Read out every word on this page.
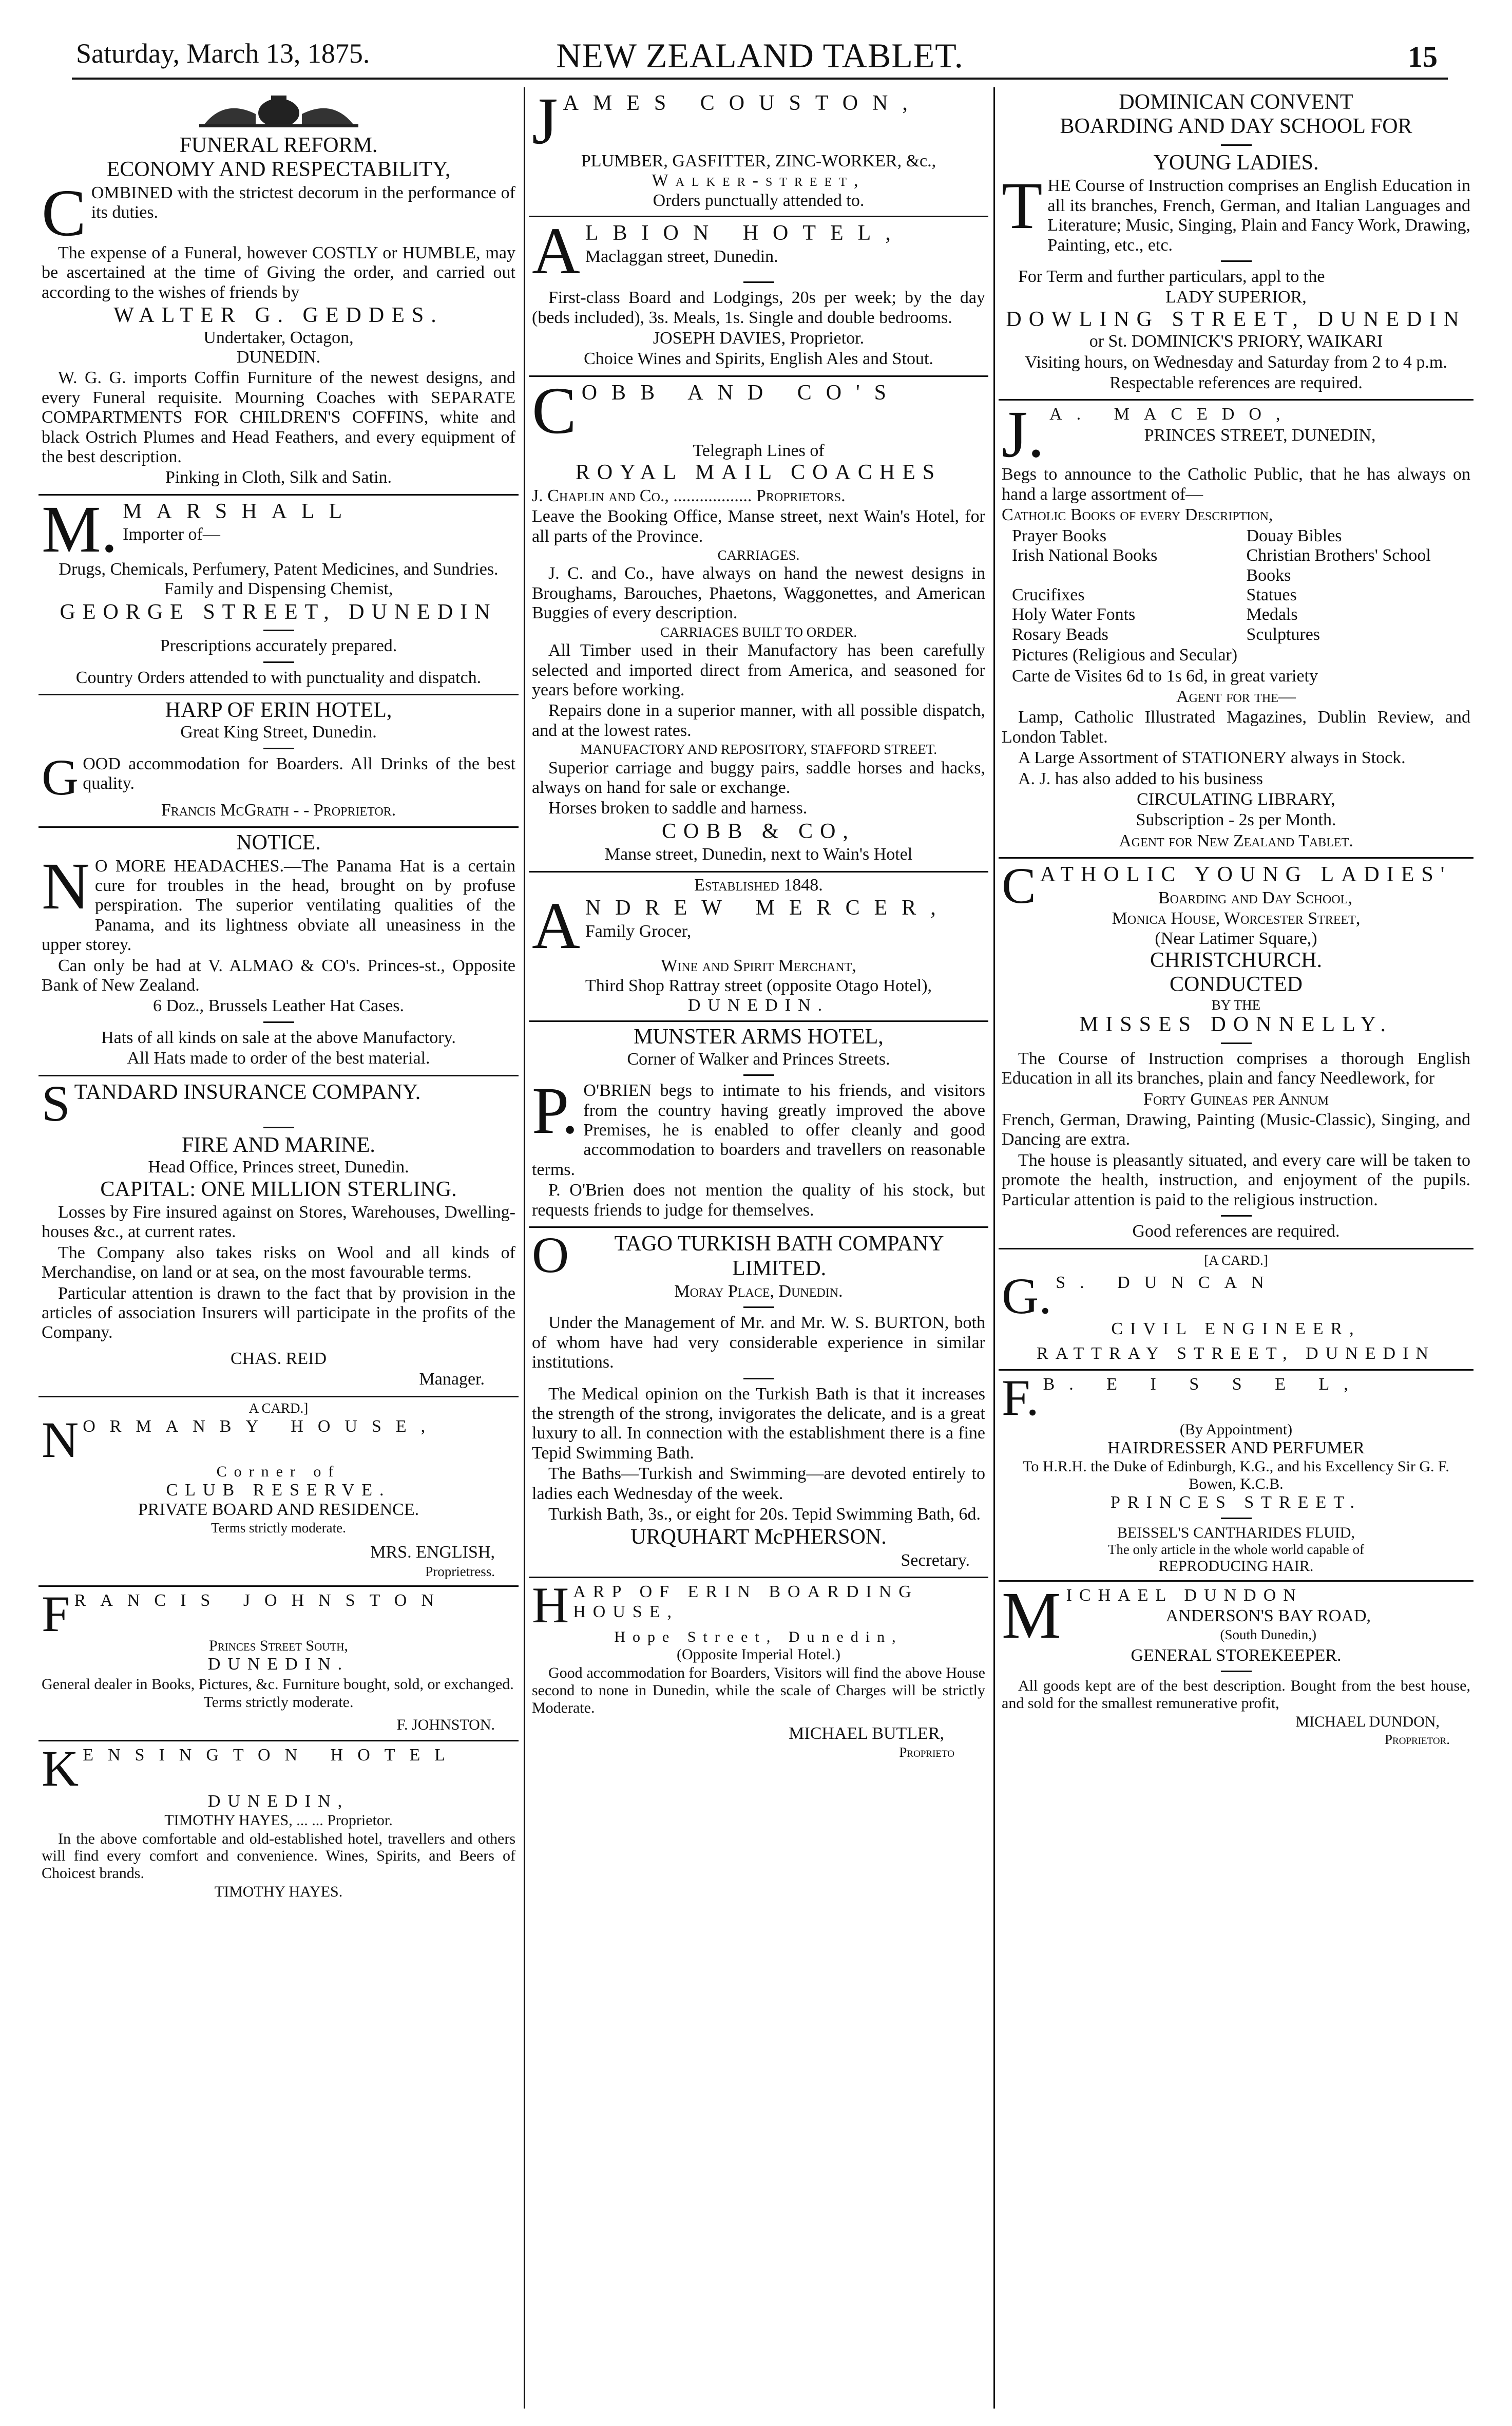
Saturday, March 13, 1875.	NEW ZEALAND TABLET.	15
FUNERAL REFORM.
ECONOMY AND RESPECTABILITY,

COMBINED with the strictest decorum in the performance of its duties.

The expense of a Funeral, however COSTLY or HUMBLE, may be ascertained at the time of Giving the order, and carried out according to the wishes of friends by

WALTER G. GEDDES.
Undertaker, Octagon,
DUNEDIN.

W. G. G. imports Coffin Furniture of the newest designs, and every Funeral requisite. Mourning Coaches with SEPARATE COMPARTMENTS FOR CHILDREN'S COFFINS, white and black Ostrich Plumes and Head Feathers, and every equipment of the best description.

Pinking in Cloth, Silk and Satin.

M. MARSHALL

Importer of—

Drugs, Chemicals, Perfumery, Patent Medicines, and Sundries. Family and Dispensing Chemist,

GEORGE STREET, DUNEDIN

Prescriptions accurately prepared.

Country Orders attended to with punctuality and dispatch.

HARP OF ERIN HOTEL,
Great King Street, Dunedin.

GOOD accommodation for Boarders. All Drinks of the best quality.

Francis McGrath - - Proprietor.

NOTICE.

N O MORE HEADACHES.—The Panama Hat is a certain cure for troubles in the head, brought on by profuse perspiration. The superior ventilating qualities of the Panama, and its lightness obviate all uneasiness in the upper storey.

Can only be had at V. ALMAO & CO's. Princes-st., Opposite Bank of New Zealand.

6 Doz., Brussels Leather Hat Cases.

Hats of all kinds on sale at the above Manufactory.

All Hats made to order of the best material.

STANDARD INSURANCE COMPANY.

FIRE AND MARINE.
Head Office, Princes street, Dunedin.
CAPITAL: ONE MILLION STERLING.

Losses by Fire insured against on Stores, Warehouses, Dwelling-houses &c., at current rates.

The Company also takes risks on Wool and all kinds of Merchandise, on land or at sea, on the most favourable terms.

Particular attention is drawn to the fact that by provision in the articles of association Insurers will participate in the profits of the Company.

CHAS. REID

Manager.

A CARD.]

NORMANBY HOUSE,

Corner of
CLUB RESERVE.
PRIVATE BOARD AND RESIDENCE.
Terms strictly moderate.

MRS. ENGLISH,

Proprietress.

FRANCIS JOHNSTON

Princes Street South,
DUNEDIN.

General dealer in Books, Pictures, &c. Furniture bought, sold, or exchanged.

Terms strictly moderate.

F. JOHNSTON.

KENSINGTON HOTEL

DUNEDIN,
TIMOTHY HAYES, ... ... Proprietor.

In the above comfortable and old-established hotel, travellers and others will find every comfort and convenience. Wines, Spirits, and Beers of Choicest brands.

TIMOTHY HAYES.

JAMES COUSTON,

PLUMBER, GASFITTER, ZINC-WORKER, &c.,
Walker-street,
Orders punctually attended to.

ALBION HOTEL,

Maclaggan street, Dunedin.

First-class Board and Lodgings, 20s per week; by the day (beds included), 3s. Meals, 1s. Single and double bedrooms.

JOSEPH DAVIES, Proprietor.

Choice Wines and Spirits, English Ales and Stout.

COBB AND CO'S

Telegraph Lines of
ROYAL MAIL COACHES

J. Chaplin and Co., .................. Proprietors.

Leave the Booking Office, Manse street, next Wain's Hotel, for all parts of the Province.

CARRIAGES.

J. C. and Co., have always on hand the newest designs in Broughams, Barouches, Phaetons, Waggonettes, and American Buggies of every description.

CARRIAGES BUILT TO ORDER.

All Timber used in their Manufactory has been carefully selected and imported direct from America, and seasoned for years before working.

Repairs done in a superior manner, with all possible dispatch, and at the lowest rates.

MANUFACTORY AND REPOSITORY, STAFFORD STREET.

Superior carriage and buggy pairs, saddle horses and hacks, always on hand for sale or exchange.

Horses broken to saddle and harness.

COBB & CO,

Manse street, Dunedin, next to Wain's Hotel

Established 1848.

ANDREW MERCER,

Family Grocer,

Wine and Spirit Merchant,
Third Shop Rattray street (opposite Otago Hotel),
DUNEDIN.
MUNSTER ARMS HOTEL,
Corner of Walker and Princes Streets.

P. O'BRIEN begs to intimate to his friends, and visitors from the country having greatly improved the above Premises, he is enabled to offer cleanly and good accommodation to boarders and travellers on reasonable terms.

P. O'Brien does not mention the quality of his stock, but requests friends to judge for themselves.

O TAGO TURKISH BATH COMPANY LIMITED.

Moray Place, Dunedin.

Under the Management of Mr. and Mr. W. S. BURTON, both of whom have had very considerable experience in similar institutions.

The Medical opinion on the Turkish Bath is that it increases the strength of the strong, invigorates the delicate, and is a great luxury to all. In connection with the establishment there is a fine Tepid Swimming Bath.

The Baths—Turkish and Swimming—are devoted entirely to ladies each Wednesday of the week.

Turkish Bath, 3s., or eight for 20s. Tepid Swimming Bath, 6d.

URQUHART McPHERSON.

Secretary.

HARP OF ERIN BOARDING HOUSE,

Hope Street, Dunedin,
(Opposite Imperial Hotel.)

Good accommodation for Boarders, Visitors will find the above House second to none in Dunedin, while the scale of Charges will be strictly Moderate.

MICHAEL BUTLER,

Proprieto

DOMINICAN CONVENT
BOARDING AND DAY SCHOOL FOR
YOUNG LADIES.

THE Course of Instruction comprises an English Education in all its branches, French, German, and Italian Languages and Literature; Music, Singing, Plain and Fancy Work, Drawing, Painting, etc., etc.

For Term and further particulars, appl to the

LADY SUPERIOR,
DOWLING STREET, DUNEDIN
or St. DOMINICK'S PRIORY, WAIKARI

Visiting hours, on Wednesday and Saturday from 2 to 4 p.m.

Respectable references are required.

J. A. MACEDO,

PRINCES STREET, DUNEDIN,

Begs to announce to the Catholic Public, that he has always on hand a large assortment of—

Catholic Books of every Description,

Prayer Books	Douay Bibles
Irish National Books	Christian Brothers' School Books
Crucifixes	Statues
Holy Water Fonts	Medals
Rosary Beads	Sculptures

Pictures (Religious and Secular)

Carte de Visites 6d to 1s 6d, in great variety

Agent for the—

Lamp, Catholic Illustrated Magazines, Dublin Review, and London Tablet.

A Large Assortment of STATIONERY always in Stock.

A. J. has also added to his business

CIRCULATING LIBRARY,

Subscription - 2s per Month.

Agent for New Zealand Tablet.

CATHOLIC YOUNG LADIES'

Boarding and Day School,

Monica House, Worcester Street,
(Near Latimer Square,)
CHRISTCHURCH.
CONDUCTED
BY THE
MISSES DONNELLY.

The Course of Instruction comprises a thorough English Education in all its branches, plain and fancy Needlework, for

Forty Guineas per Annum

French, German, Drawing, Painting (Music-Classic), Singing, and Dancing are extra.

The house is pleasantly situated, and every care will be taken to promote the health, instruction, and enjoyment of the pupils. Particular attention is paid to the religious instruction.

Good references are required.

[A CARD.]

G. S. DUNCAN

CIVIL ENGINEER,
RATTRAY STREET, DUNEDIN

F. B. E I S S E L,

(By Appointment)
HAIRDRESSER AND PERFUMER
To H.R.H. the Duke of Edinburgh, K.G., and his Excellency Sir G. F. Bowen, K.C.B.
PRINCES STREET.
BEISSEL'S CANTHARIDES FLUID,
The only article in the whole world capable of
REPRODUCING HAIR.

MICHAEL DUNDON

ANDERSON'S BAY ROAD,

(South Dunedin,)

GENERAL STOREKEEPER.

All goods kept are of the best description. Bought from the best house, and sold for the smallest remunerative profit,

MICHAEL DUNDON,

Proprietor.
